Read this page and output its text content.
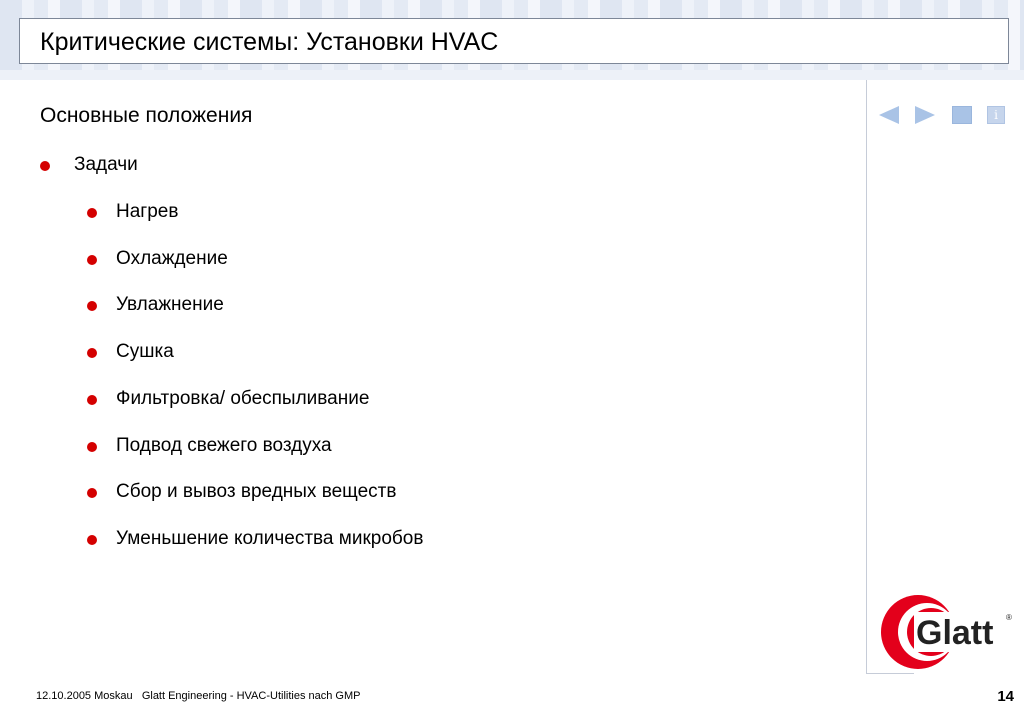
Критические системы: Установки HVAC
i
Основные положения
Задачи
Нагрев
Охлаждение
Увлажнение
Сушка
Фильтровка/ обеспыливание
Подвод свежего воздуха
Сбор и вывоз вредных веществ
Уменьшение количества микробов
Glatt ®
12.10.2005 Moskau Glatt Engineering - HVAC-Utilities nach GMP	14
